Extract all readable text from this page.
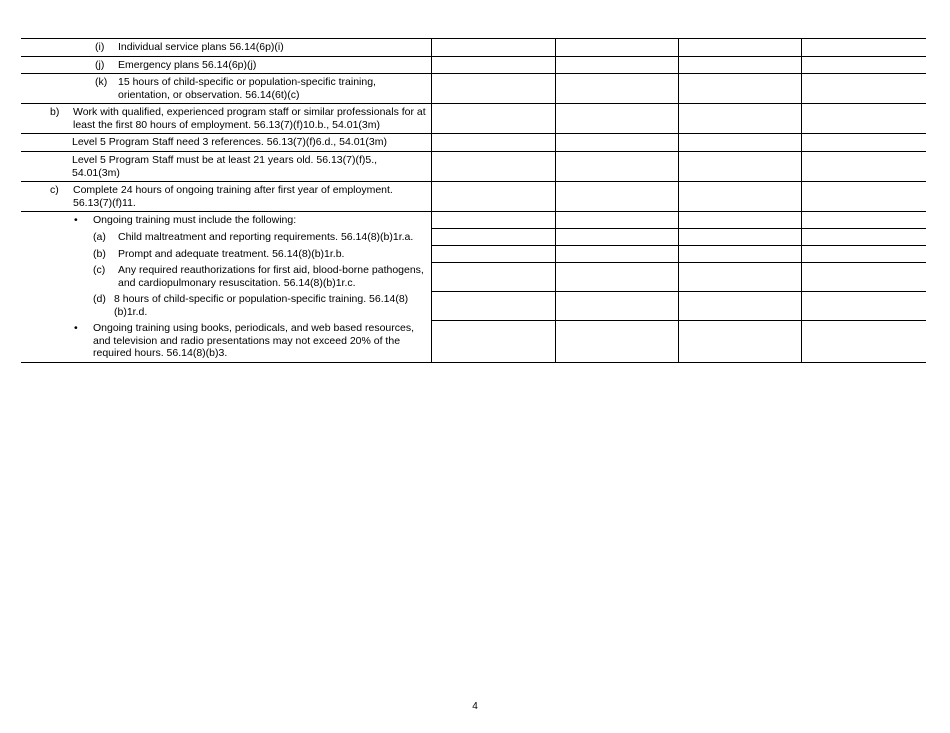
(i) Individual service plans 56.14(6p)(i)				

(j) Emergency plans 56.14(6p)(j)				

(k) 15 hours of child-specific or population-specific training, orientation, or observation. 56.14(6t)(c)				

b) Work with qualified, experienced program staff or similar professionals for at least the first 80 hours of employment. 56.13(7)(f)10.b., 54.01(3m)				

Level 5 Program Staff need 3 references. 56.13(7)(f)6.d., 54.01(3m)				

Level 5 Program Staff must be at least 21 years old. 56.13(7)(f)5., 54.01(3m)				

c) Complete 24 hours of ongoing training after first year of employment. 56.13(7)(f)11.				

• Ongoing training must include the following:				

(a) Child maltreatment and reporting requirements. 56.14(8)(b)1r.a.				

(b) Prompt and adequate treatment. 56.14(8)(b)1r.b.				

(c) Any required reauthorizations for first aid, blood-borne pathogens, and cardiopulmonary resuscitation. 56.14(8)(b)1r.c.				

(d) 8 hours of child-specific or population-specific training. 56.14(8)(b)1r.d.				

• Ongoing training using books, periodicals, and web based resources, and television and radio presentations may not exceed 20% of the required hours. 56.14(8)(b)3.				

4
